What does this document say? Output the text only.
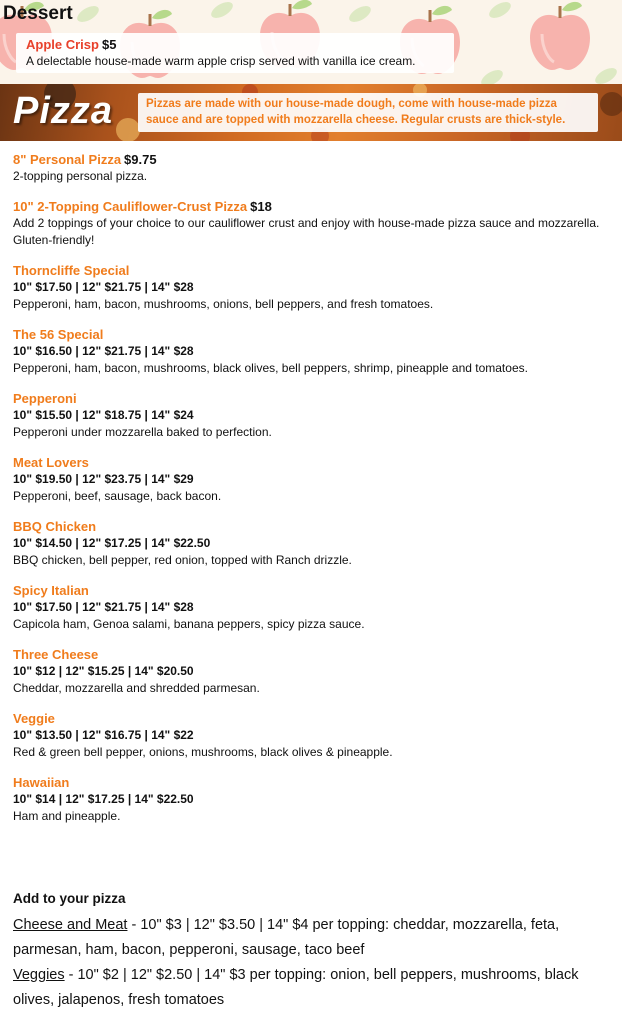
Dessert
Apple Crisp $5
A delectable house-made warm apple crisp served with vanilla ice cream.
Pizza	Pizzas are made with our house-made dough, come with house-made pizza sauce and are topped with mozzarella cheese. Regular crusts are thick-style.

8" Personal Pizza $9.75
2-topping personal pizza.
10" 2-Topping Cauliflower-Crust Pizza $18
Add 2 toppings of your choice to our cauliflower crust and enjoy with house-made pizza sauce and mozzarella. Gluten-friendly!
Thorncliffe Special
10" $17.50 | 12" $21.75 | 14" $28
Pepperoni, ham, bacon, mushrooms, onions, bell peppers, and fresh tomatoes.
The 56 Special
10" $16.50 | 12" $21.75 | 14" $28
Pepperoni, ham, bacon, mushrooms, black olives, bell peppers, shrimp, pineapple and tomatoes.
Pepperoni
10" $15.50 | 12" $18.75 | 14" $24
Pepperoni under mozzarella baked to perfection.
Meat Lovers
10" $19.50 | 12" $23.75 | 14" $29
Pepperoni, beef, sausage, back bacon.
BBQ Chicken
10" $14.50 | 12" $17.25 | 14" $22.50
BBQ chicken, bell pepper, red onion, topped with Ranch drizzle.
Spicy Italian
10" $17.50 | 12" $21.75 | 14" $28
Capicola ham, Genoa salami, banana peppers, spicy pizza sauce.
Three Cheese
10" $12 | 12" $15.25 | 14" $20.50
Cheddar, mozzarella and shredded parmesan.
Veggie
10" $13.50 | 12" $16.75 | 14" $22
Red & green bell pepper, onions, mushrooms, black olives & pineapple.
Hawaiian
10" $14 | 12" $17.25 | 14" $22.50
Ham and pineapple.
Add to your pizza

Cheese and Meat - 10" $3 | 12" $3.50 | 14" $4 per topping: cheddar, mozzarella, feta, parmesan, ham, bacon, pepperoni, sausage, taco beef

Veggies - 10" $2 | 12" $2.50 | 14" $3 per topping: onion, bell peppers, mushrooms, black olives, jalapenos, fresh tomatoes
